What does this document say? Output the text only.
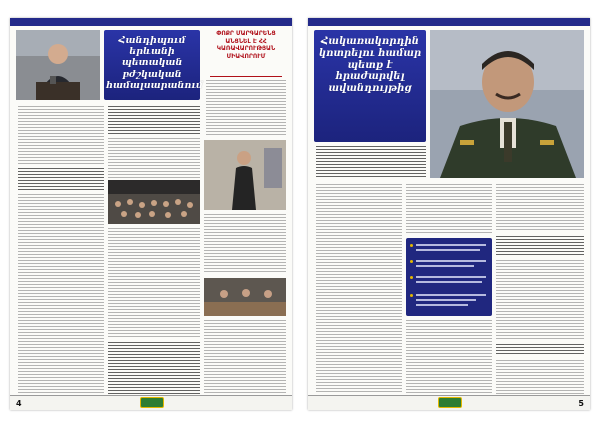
Հանդիպում երևանի պետական բժշկական համալսարանում
ՓՈՔՐ ՄԱՐԳԱՐԵՆՑ ԱՆՑՆԵԼ Է ՀՀ ԿԱՌԱՎԱՐՈՒԹՅԱՆ ՄԻԱՎՈՐՈՒՄ
4
Հակառակորդին կոտրելու համար պետք է հրաժարվել ավանդույթից
5
